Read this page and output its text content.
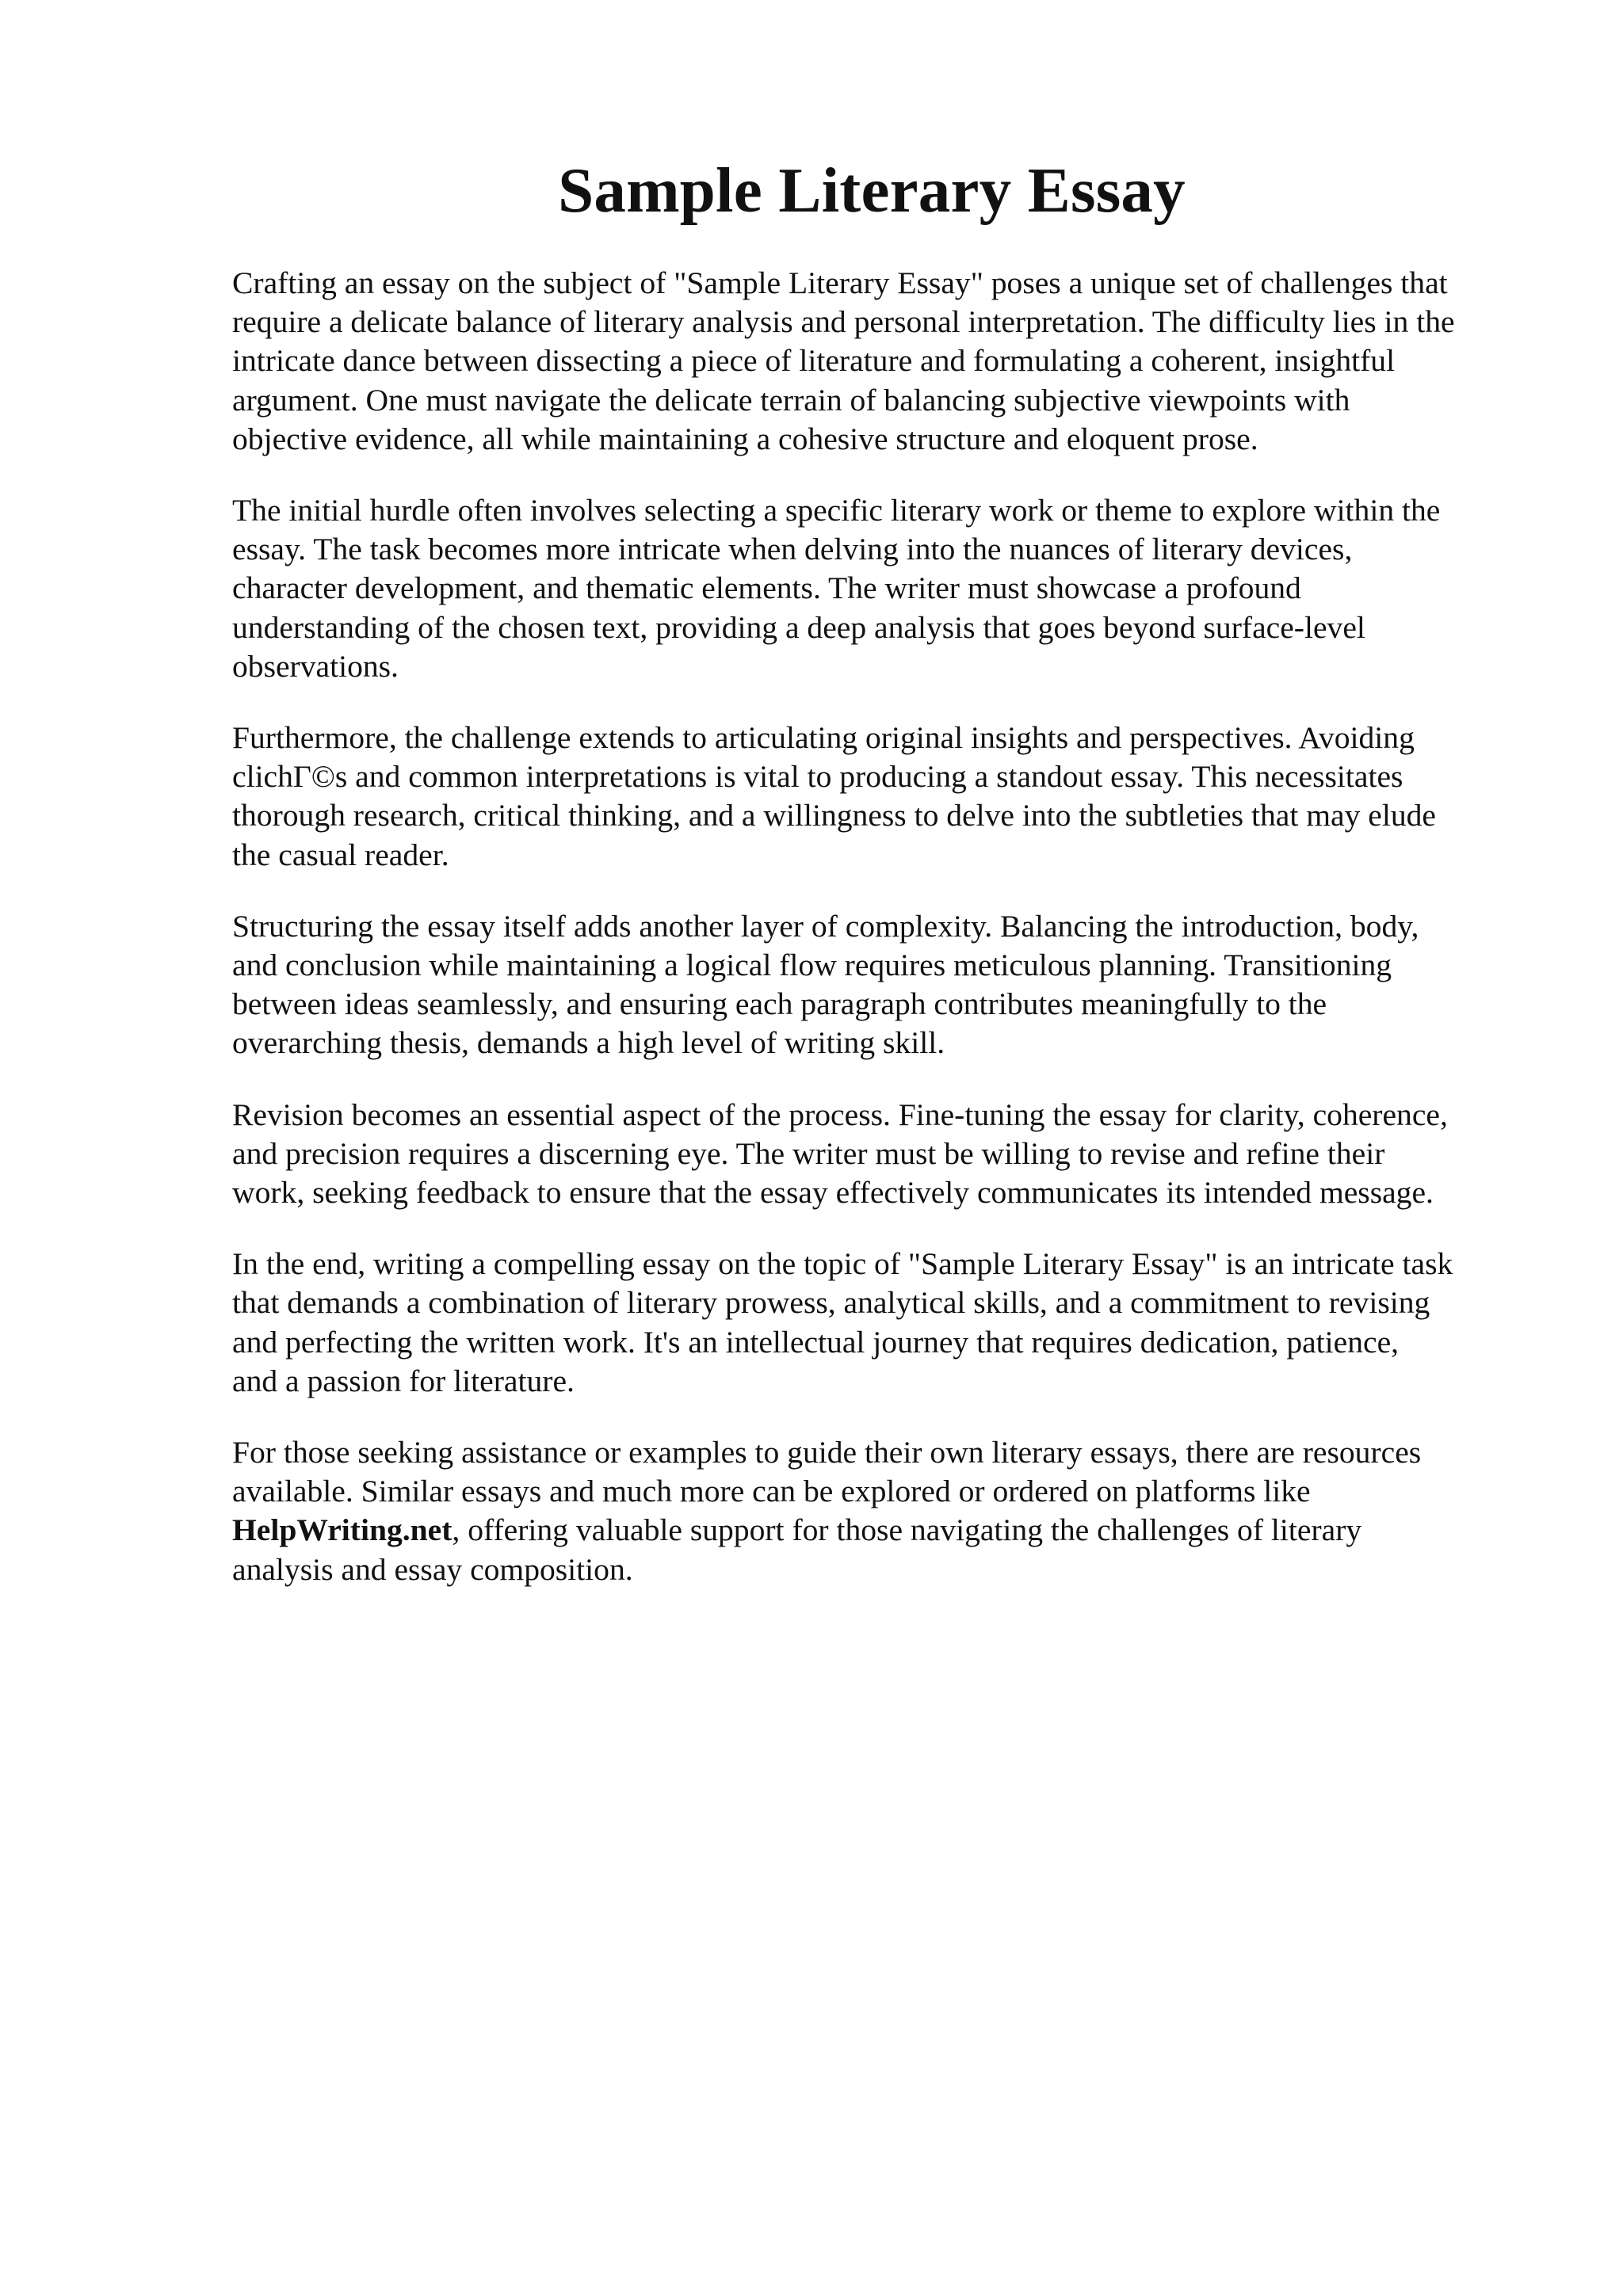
Sample Literary Essay

Crafting an essay on the subject of "Sample Literary Essay" poses a unique set of challenges that
require a delicate balance of literary analysis and personal interpretation. The difficulty lies in the
intricate dance between dissecting a piece of literature and formulating a coherent, insightful
argument. One must navigate the delicate terrain of balancing subjective viewpoints with
objective evidence, all while maintaining a cohesive structure and eloquent prose.

The initial hurdle often involves selecting a specific literary work or theme to explore within the
essay. The task becomes more intricate when delving into the nuances of literary devices,
character development, and thematic elements. The writer must showcase a profound
understanding of the chosen text, providing a deep analysis that goes beyond surface-level
observations.

Furthermore, the challenge extends to articulating original insights and perspectives. Avoiding
clichГ©s and common interpretations is vital to producing a standout essay. This necessitates
thorough research, critical thinking, and a willingness to delve into the subtleties that may elude
the casual reader.

Structuring the essay itself adds another layer of complexity. Balancing the introduction, body,
and conclusion while maintaining a logical flow requires meticulous planning. Transitioning
between ideas seamlessly, and ensuring each paragraph contributes meaningfully to the
overarching thesis, demands a high level of writing skill.

Revision becomes an essential aspect of the process. Fine-tuning the essay for clarity, coherence,
and precision requires a discerning eye. The writer must be willing to revise and refine their
work, seeking feedback to ensure that the essay effectively communicates its intended message.

In the end, writing a compelling essay on the topic of "Sample Literary Essay" is an intricate task
that demands a combination of literary prowess, analytical skills, and a commitment to revising
and perfecting the written work. It's an intellectual journey that requires dedication, patience,
and a passion for literature.

For those seeking assistance or examples to guide their own literary essays, there are resources
available. Similar essays and much more can be explored or ordered on platforms like
HelpWriting.net, offering valuable support for those navigating the challenges of literary
analysis and essay composition.
